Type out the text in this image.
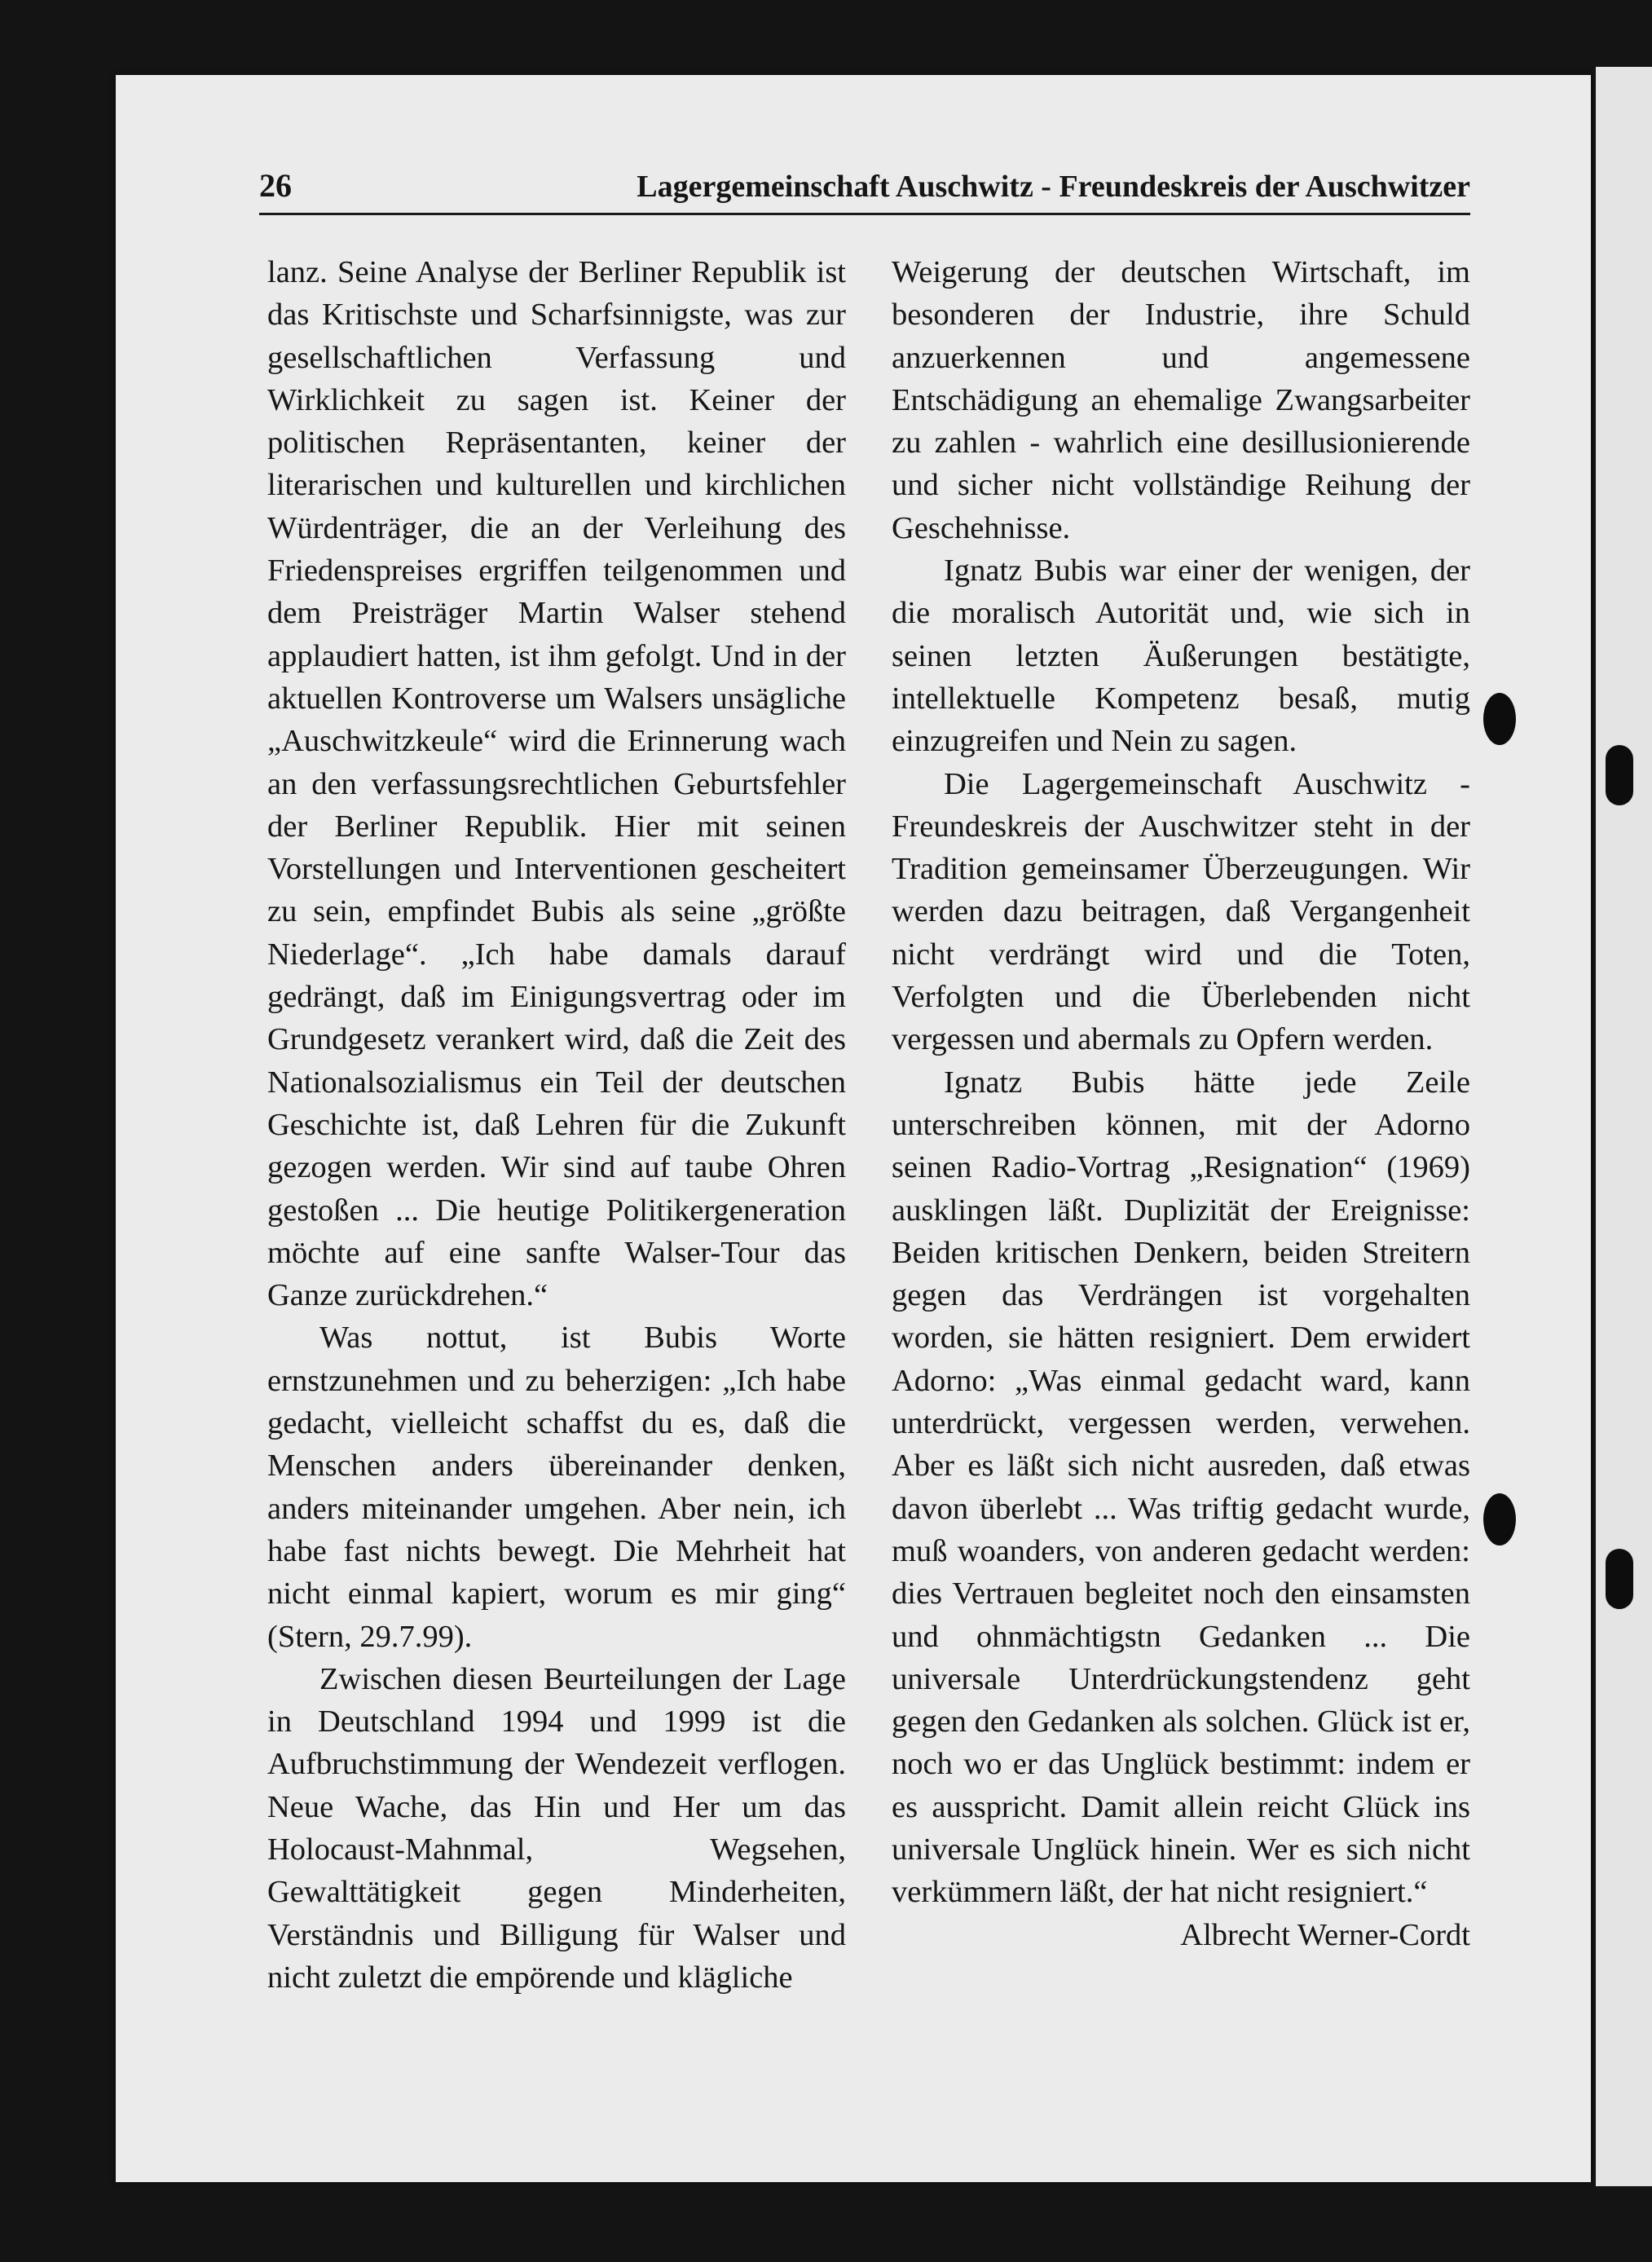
26	Lagergemeinschaft Auschwitz - Freundeskreis der Auschwitzer

lanz. Seine Analyse der Berliner Republik ist das Kritischste und Scharfsinnigste, was zur gesellschaftlichen Verfassung und Wirklichkeit zu sagen ist. Keiner der politischen Repräsentanten, keiner der literarischen und kulturellen und kirchlichen Würdenträger, die an der Verleihung des Friedenspreises ergriffen teilgenommen und dem Preisträger Martin Walser stehend applaudiert hatten, ist ihm gefolgt. Und in der aktuellen Kontroverse um Walsers unsägliche „Auschwitzkeule“ wird die Erinnerung wach an den verfassungsrechtlichen Geburtsfehler der Berliner Republik. Hier mit seinen Vorstellungen und Interventionen gescheitert zu sein, empfindet Bubis als seine „größte Niederlage“. „Ich habe damals darauf gedrängt, daß im Einigungsvertrag oder im Grundgesetz verankert wird, daß die Zeit des Nationalsozialismus ein Teil der deutschen Geschichte ist, daß Lehren für die Zukunft gezogen werden. Wir sind auf taube Ohren gestoßen ... Die heutige Politikergeneration möchte auf eine sanfte Walser-Tour das Ganze zurückdrehen.“

Was nottut, ist Bubis Worte ernstzunehmen und zu beherzigen: „Ich habe gedacht, vielleicht schaffst du es, daß die Menschen anders übereinander denken, anders miteinander umgehen. Aber nein, ich habe fast nichts bewegt. Die Mehrheit hat nicht einmal kapiert, worum es mir ging“ (Stern, 29.7.99).

Zwischen diesen Beurteilungen der Lage in Deutschland 1994 und 1999 ist die Aufbruchstimmung der Wendezeit verflogen. Neue Wache, das Hin und Her um das Holocaust-Mahnmal, Wegsehen, Gewalttätigkeit gegen Minderheiten, Verständnis und Billigung für Walser und nicht zuletzt die empörende und klägliche

Weigerung der deutschen Wirtschaft, im besonderen der Industrie, ihre Schuld anzuerkennen und angemessene Entschädigung an ehemalige Zwangsarbeiter zu zahlen - wahrlich eine desillusionierende und sicher nicht vollständige Reihung der Geschehnisse.

Ignatz Bubis war einer der wenigen, der die moralisch Autorität und, wie sich in seinen letzten Äußerungen bestätigte, intellektuelle Kompetenz besaß, mutig einzugreifen und Nein zu sagen.

Die Lagergemeinschaft Auschwitz - Freundeskreis der Auschwitzer steht in der Tradition gemeinsamer Überzeugungen. Wir werden dazu beitragen, daß Vergangenheit nicht verdrängt wird und die Toten, Verfolgten und die Überlebenden nicht vergessen und abermals zu Opfern werden.

Ignatz Bubis hätte jede Zeile unterschreiben können, mit der Adorno seinen Radio-Vortrag „Resignation“ (1969) ausklingen läßt. Duplizität der Ereignisse: Beiden kritischen Denkern, beiden Streitern gegen das Verdrängen ist vorgehalten worden, sie hätten resigniert. Dem erwidert Adorno: „Was einmal gedacht ward, kann unterdrückt, vergessen werden, verwehen. Aber es läßt sich nicht ausreden, daß etwas davon überlebt ... Was triftig gedacht wurde, muß woanders, von anderen gedacht werden: dies Vertrauen begleitet noch den einsamsten und ohnmächtigstn Gedanken ... Die universale Unterdrückungstendenz geht gegen den Gedanken als solchen. Glück ist er, noch wo er das Unglück bestimmt: indem er es ausspricht. Damit allein reicht Glück ins universale Unglück hinein. Wer es sich nicht verkümmern läßt, der hat nicht resigniert.“

Albrecht Werner-Cordt
